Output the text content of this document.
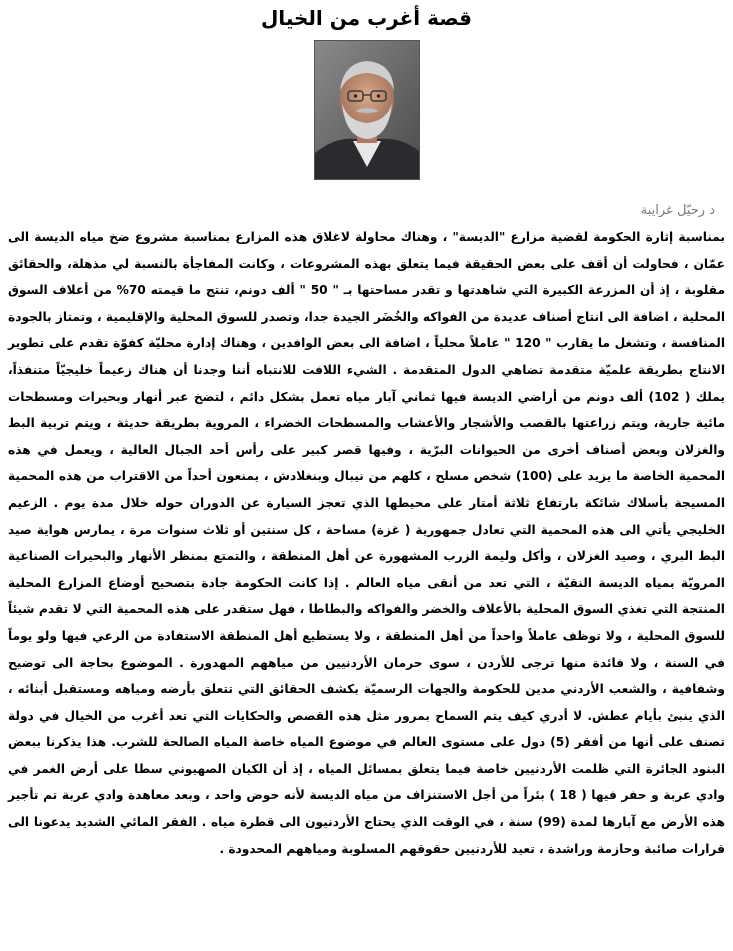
قصة أغرب من الخيال

د رحيّل غرايبة

بمناسبة إثارة الحكومة لقضية مزارع "الديسة" ، وهناك محاولة لاغلاق هذه المزارع بمناسبة مشروع ضخ مياه الديسة الى عمّان ، فحاولت أن أقف على بعض الحقيقة فيما يتعلق بهذه المشروعات ، وكانت المفاجأة بالنسبة لي مذهلة، والحقائق مقلوبة ، إذ أن المزرعة الكبيرة التي شاهدتها و تقدر مساحتها بـ " 50 " ألف دونم، تنتج ما قيمته 70% من أعلاف السوق المحلية ، اضافة الى انتاج أصناف عديدة من الفواكه والخُضَر الجيدة جدا، وتصدر للسوق المحلية والإقليمية ، وتمتاز بالجودة المنافسة ، وتشغل ما يقارب " 120 " عاملاً محلياً ، اضافة الى بعض الوافدين ، وهناك إدارة محليّة كفوّة تقدم على تطوير الانتاج بطريقة علميّة متقدمة تضاهي الدول المتقدمة . الشيء اللافت للانتباه أننا وجدنا أن هناك زعيماً خليجيّاً متنفذاً، يملك ( 102) ألف دونم من أراضي الديسة فيها ثماني آبار مياه تعمل بشكل دائم ، لتضخ عبر أنهار وبحيرات ومسطحات مائية جارية، ويتم زراعتها بالقصب والأشجار والأعشاب والمسطحات الخضراء ، المروية بطريقة حديثة ، ويتم تربية البط والغزلان وبعض أصناف أخرى من الحيوانات البرّية ، وفيها قصر كبير على رأس أحد الجبال العالية ، ويعمل في هذه المحمية الخاصة ما يزيد على (100) شخص مسلح ، كلهم من نيبال وبنغلادش ، يمنعون أحداً من الاقتراب من هذه المحمية المسيجة بأسلاك شائكة بارتفاع ثلاثة أمتار على محيطها الذي تعجز السيارة عن الدوران حوله خلال مدة يوم . الزعيم الخليجي يأتي الى هذه المحمية التي تعادل جمهورية ( غزة) مساحة ، كل سنتين أو ثلاث سنوات مرة ، يمارس هواية صيد البط البري ، وصيد الغزلان ، وأكل وليمة الزرب المشهورة عن أهل المنطقة ، والتمتع بمنظر الأنهار والبحيرات الصناعية المرويّة بمياه الديسة النقيّة ، التي تعد من أنقى مياه العالم . إذا كانت الحكومة جادة بتصحيح أوضاع المزارع المحلية المنتجة التي تغذي السوق المحلية بالأعلاف والخضر والفواكه والبطاطا ، فهل ستقدر على هذه المحمية التي لا تقدم شيئاً للسوق المحلية ، ولا توظف عاملاً واحداً من أهل المنطقة ، ولا يستطيع أهل المنطقة الاستفادة من الرعي فيها ولو يوماً في السنة ، ولا فائدة منها ترجى للأردن ، سوى حرمان الأردنيين من مياههم المهدورة . الموضوع بحاجة الى توضيح وشفافية ، والشعب الأردني مدين للحكومة والجهات الرسميّة بكشف الحقائق التي تتعلق بأرضه ومياهه ومستقبل أبنائه ، الذي ينبئ بأيام عطش. لا أدري كيف يتم السماح بمرور مثل هذه القصص والحكايات التي تعد أغرب من الخيال في دولة تصنف على أنها من أفقر (5) دول على مستوى العالم في موضوع المياه خاصة المياه الصالحة للشرب. هذا يذكرنا ببعض البنود الجائرة التي ظلمت الأردنيين خاصة فيما يتعلق بمسائل المياه ، إذ أن الكيان الصهيوني سطا على أرض الغمر في وادي عربة و حفر فيها ( 18 ) بئراً من أجل الاستنزاف من مياه الديسة لأنه حوض واحد ، وبعد معاهدة وادي عربة تم تأجير هذه الأرض مع آبارها لمدة (99) سنة ، في الوقت الذي يحتاج الأردنيون الى قطرة مياه . الفقر المائي الشديد يدعونا الى قرارات صائبة وحازمة وراشدة ، تعيد للأردنيين حقوقهم المسلوبة ومياههم المحدودة .
